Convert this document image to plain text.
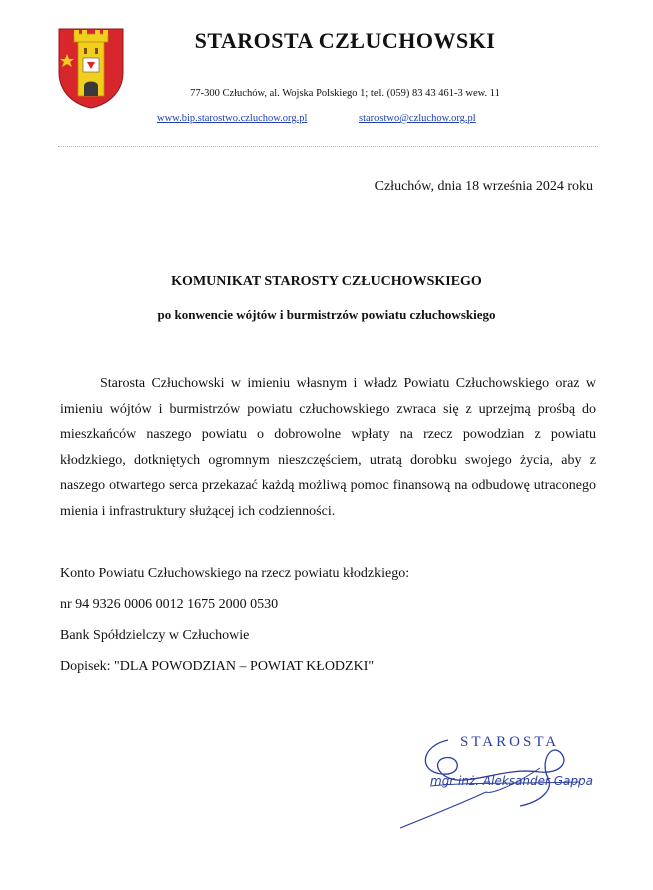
STAROSTA CZŁUCHOWSKI
77-300 Człuchów, al. Wojska Polskiego 1; tel. (059) 83 43 461-3 wew. 11
www.bip.starostwo.czluchow.org.pl	starostwo@czluchow.org.pl
Człuchów, dnia 18 września 2024 roku
KOMUNIKAT STAROSTY CZŁUCHOWSKIEGO
po konwencie wójtów i burmistrzów powiatu człuchowskiego

Starosta Człuchowski w imieniu własnym i władz Powiatu Człuchowskiego oraz w imieniu wójtów i burmistrzów powiatu człuchowskiego zwraca się z uprzejmą prośbą do mieszkańców naszego powiatu o dobrowolne wpłaty na rzecz powodzian z powiatu kłodzkiego, dotkniętych ogromnym nieszczęściem, utratą dorobku swojego życia, aby z naszego otwartego serca przekazać każdą możliwą pomoc finansową na odbudowę utraconego mienia i infrastruktury służącej ich codzienności.

Konto Powiatu Człuchowskiego na rzecz powiatu kłodzkiego:
nr 94 9326 0006 0012 1675 2000 0530
Bank Spółdzielczy w Człuchowie
Dopisek: "DLA POWODZIAN – POWIAT KŁODZKI"
STAROSTA
mgr inż. Aleksander Gappa
